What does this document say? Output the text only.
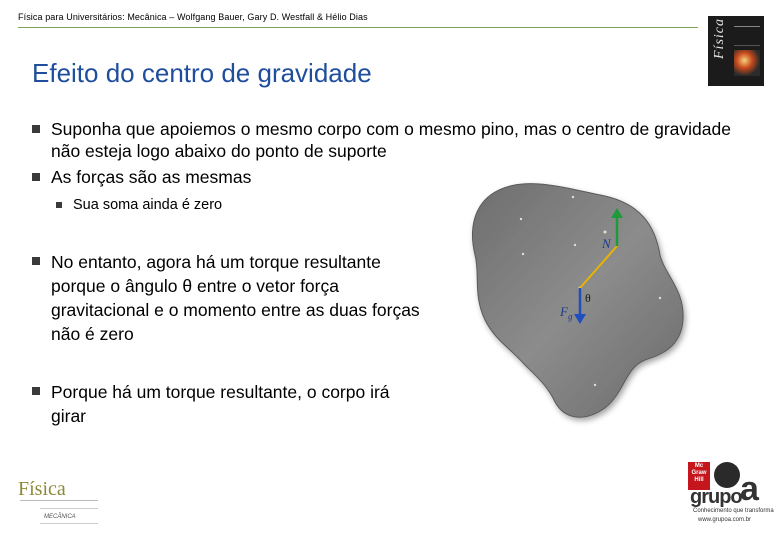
Física para Universitários: Mecânica – Wolfgang Bauer, Gary D. Westfall & Hélio Dias
Física
Efeito do centro de gravidade
Suponha que apoiemos o mesmo corpo com o mesmo pino, mas o centro de gravidade não esteja logo abaixo do ponto de suporte
As forças são as mesmas
Sua soma ainda é zero
No entanto, agora há um torque resultante porque o ângulo θ entre o vetor força gravitacional e o momento entre as duas forças não é zero
Porque há um torque resultante, o corpo irá girar
N
$F_g$
θ
Física
MECÂNICA
Mc Graw Hill
grupo
a
Conhecimento que transforma
www.grupoa.com.br
